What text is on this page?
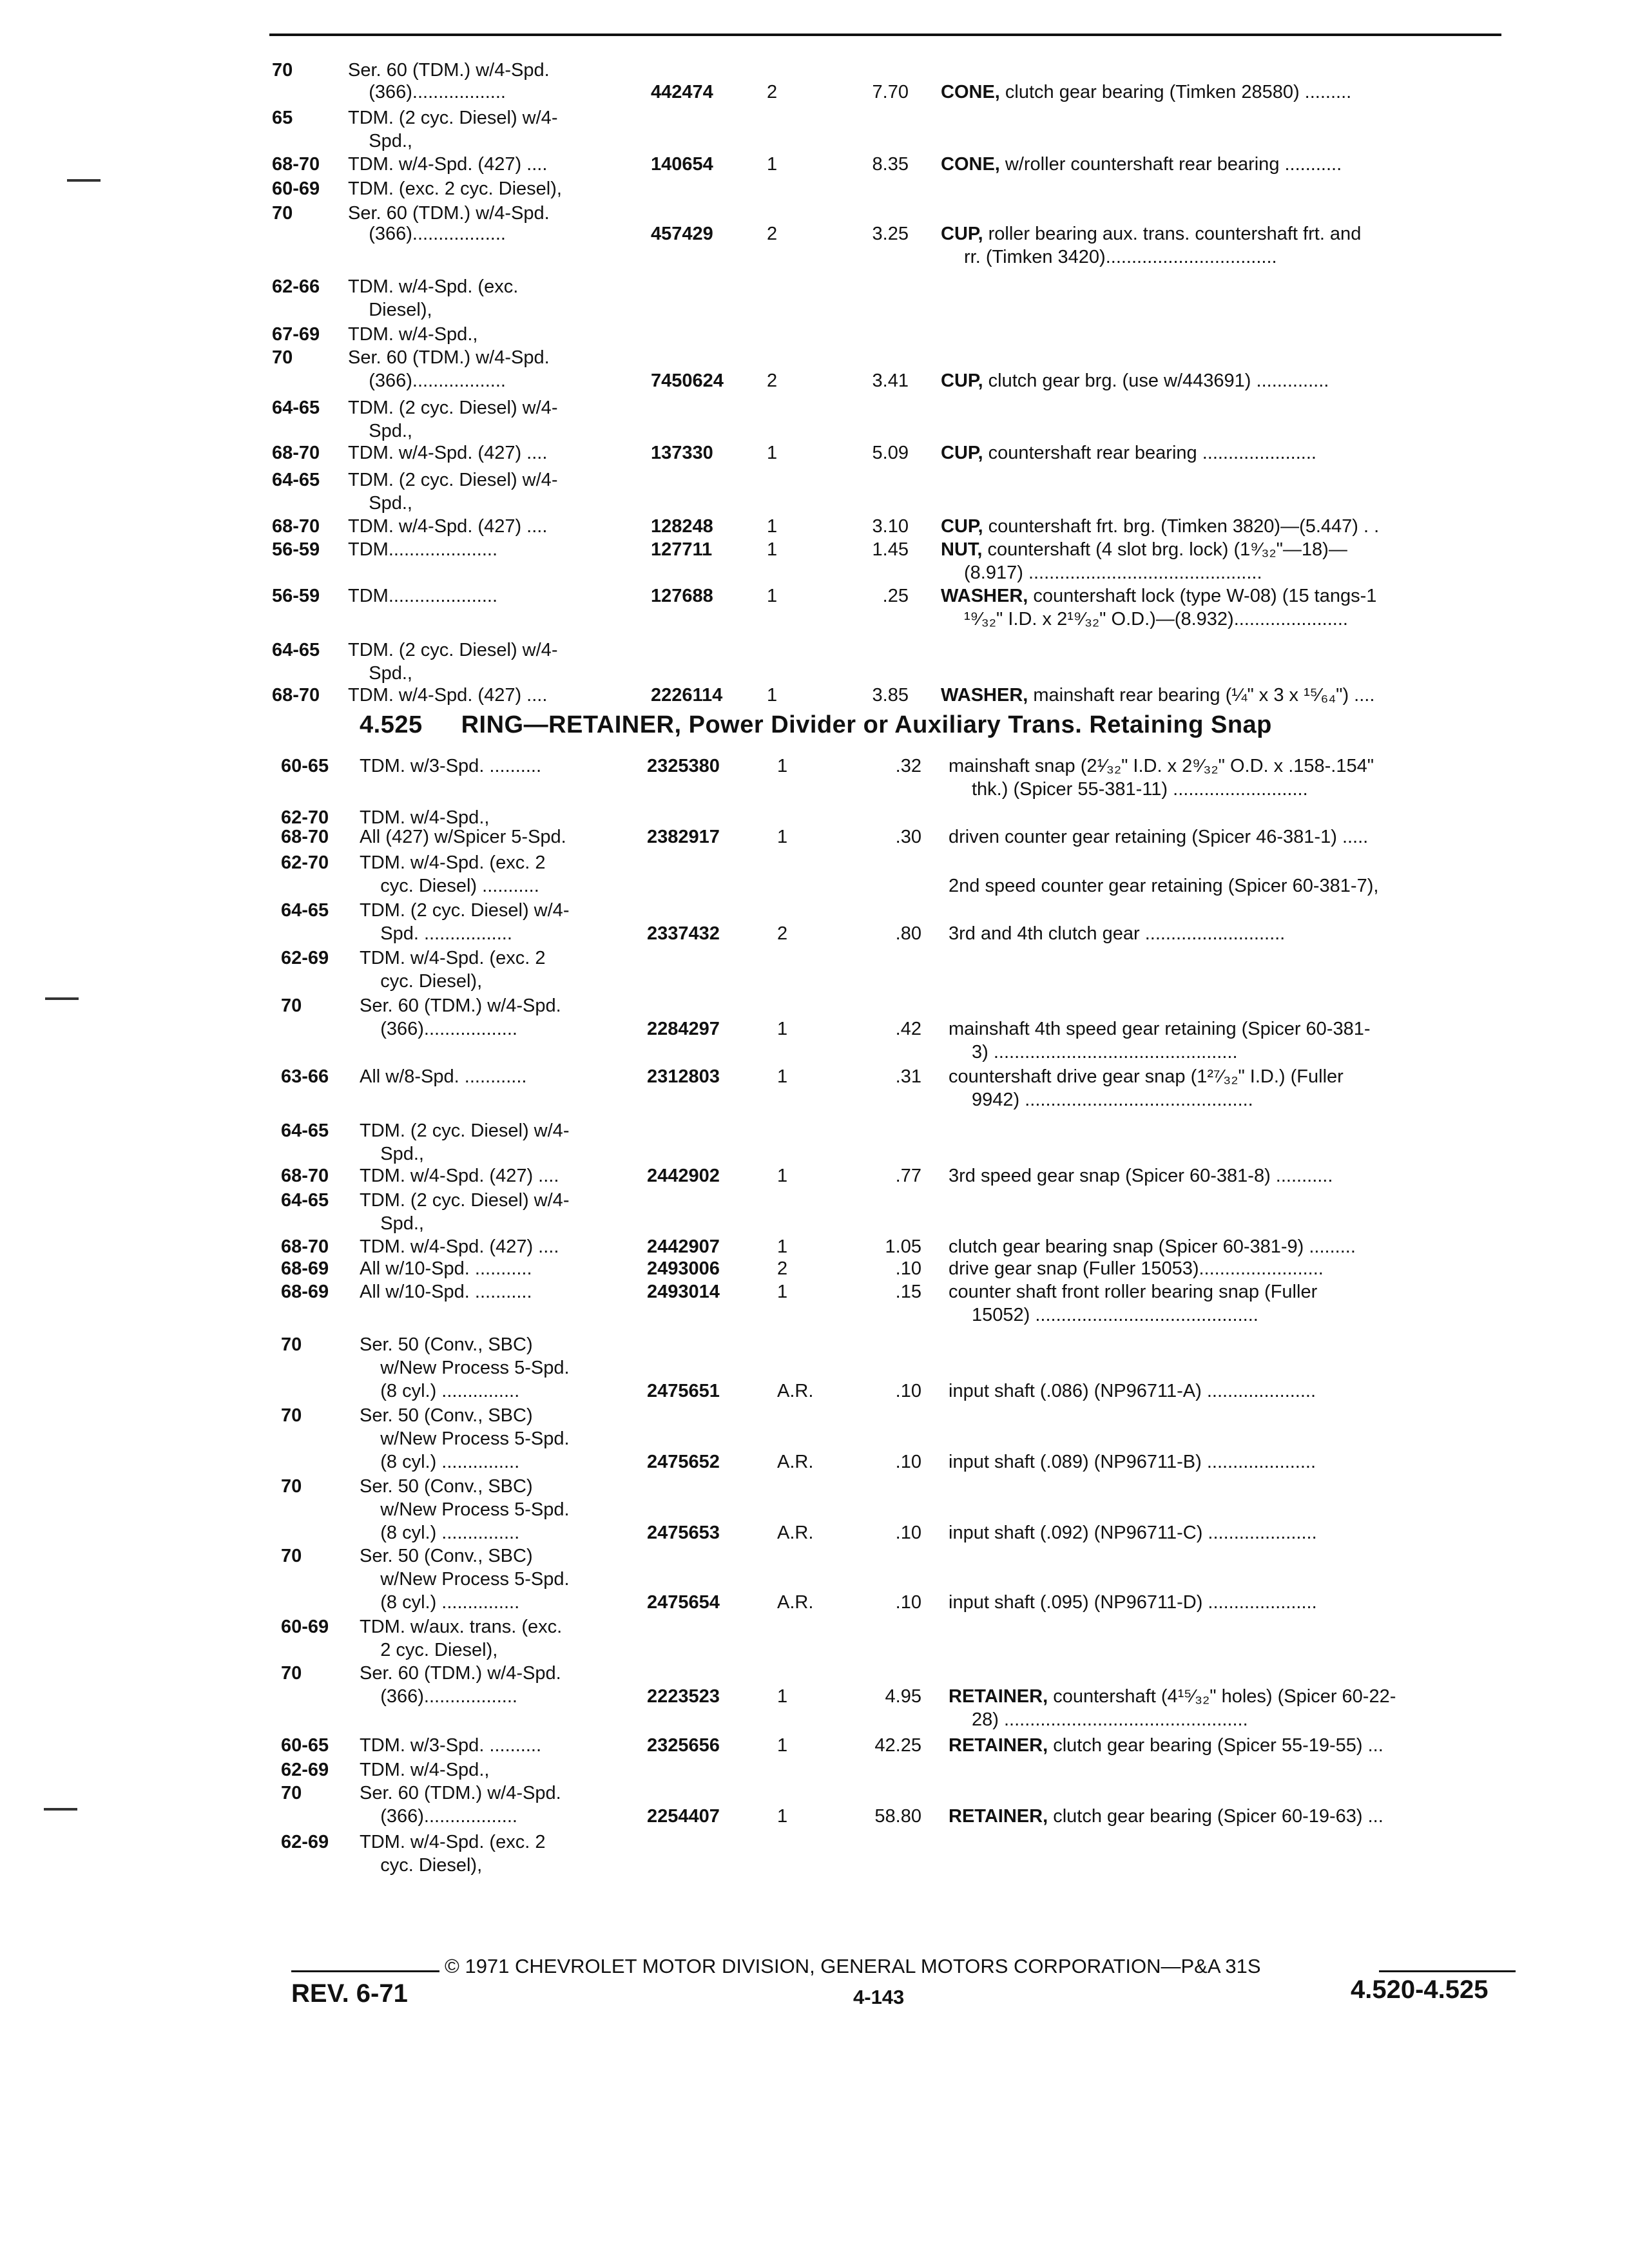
70	Ser. 60 (TDM.) w/4-Spd.
(366)..................	442474	2	7.70 CONE, clutch gear bearing (Timken 28580) .........
65	TDM. (2 cyc. Diesel) w/4-
Spd.,
68-70 TDM. w/4-Spd. (427) ....	140654	1	8.35 CONE, w/roller countershaft rear bearing ...........
60-69 TDM. (exc. 2 cyc. Diesel),
70	Ser. 60 (TDM.) w/4-Spd.
(366)..................	457429	2	3.25 CUP, roller bearing aux. trans. countershaft frt. and
rr. (Timken 3420).................................
62-66 TDM. w/4-Spd. (exc.
Diesel),
67-69 TDM. w/4-Spd.,
70	Ser. 60 (TDM.) w/4-Spd.
(366)..................	7450624 2	3.41 CUP, clutch gear brg. (use w/443691) ..............
64-65 TDM. (2 cyc. Diesel) w/4-
Spd.,
68-70 TDM. w/4-Spd. (427) ....	137330	1	5.09 CUP, countershaft rear bearing ......................
64-65 TDM. (2 cyc. Diesel) w/4-
Spd.,
68-70 TDM. w/4-Spd. (427) ....	128248	1	3.10 CUP, countershaft frt. brg. (Timken 3820)—(5.447) . .
56-59 TDM.....................	127711	1	1.45 NUT, countershaft (4 slot brg. lock) (1⁹⁄₃₂"—18)—
(8.917) .............................................
56-59 TDM.....................	127688	1	.25 WASHER, countershaft lock (type W-08) (15 tangs-1
¹⁹⁄₃₂" I.D. x 2¹⁹⁄₃₂" O.D.)—(8.932)......................
64-65 TDM. (2 cyc. Diesel) w/4-
Spd.,
68-70 TDM. w/4-Spd. (427) ....	2226114 1	3.85 WASHER, mainshaft rear bearing (¼" x 3 x ¹⁵⁄₆₄") ....
4.525 RING—RETAINER, Power Divider or Auxiliary Trans. Retaining Snap
60-65 TDM. w/3-Spd. ..........	2325380	1	.32 mainshaft snap (2¹⁄₃₂" I.D. x 2⁹⁄₃₂" O.D. x .158-.154"
thk.) (Spicer 55-381-11) ..........................
62-70 TDM. w/4-Spd.,
68-70 All (427) w/Spicer 5-Spd.	2382917	1	.30 driven counter gear retaining (Spicer 46-381-1) .....
62-70 TDM. w/4-Spd. (exc. 2
cyc. Diesel) ...........	2nd speed counter gear retaining (Spicer 60-381-7),
64-65 TDM. (2 cyc. Diesel) w/4-
Spd. .................	2337432	2	.80 3rd and 4th clutch gear ...........................
62-69 TDM. w/4-Spd. (exc. 2
cyc. Diesel),
70	Ser. 60 (TDM.) w/4-Spd.
(366)..................	2284297	1	.42 mainshaft 4th speed gear retaining (Spicer 60-381-
3) ...............................................
63-66 All w/8-Spd. ............	2312803	1	.31 countershaft drive gear snap (1²⁷⁄₃₂" I.D.) (Fuller
9942) ............................................
64-65 TDM. (2 cyc. Diesel) w/4-
Spd.,
68-70 TDM. w/4-Spd. (427) ....	2442902	1	.77 3rd speed gear snap (Spicer 60-381-8) ...........
64-65 TDM. (2 cyc. Diesel) w/4-
Spd.,
68-70 TDM. w/4-Spd. (427) ....	2442907	1	1.05 clutch gear bearing snap (Spicer 60-381-9) .........
68-69 All w/10-Spd. ...........	2493006	2	.10 drive gear snap (Fuller 15053)........................
68-69 All w/10-Spd. ...........	2493014	1	.15 counter shaft front roller bearing snap (Fuller
15052) ...........................................
70	Ser. 50 (Conv., SBC)
w/New Process 5-Spd.
(8 cyl.) ...............	2475651	A.R.	.10 input shaft (.086) (NP96711-A) .....................
70	Ser. 50 (Conv., SBC)
w/New Process 5-Spd.
(8 cyl.) ...............	2475652	A.R.	.10 input shaft (.089) (NP96711-B) .....................
70	Ser. 50 (Conv., SBC)
w/New Process 5-Spd.
(8 cyl.) ...............	2475653	A.R.	.10 input shaft (.092) (NP96711-C) .....................
70	Ser. 50 (Conv., SBC)
w/New Process 5-Spd.
(8 cyl.) ...............	2475654	A.R.	.10 input shaft (.095) (NP96711-D) .....................
60-69 TDM. w/aux. trans. (exc.
2 cyc. Diesel),
70	Ser. 60 (TDM.) w/4-Spd.
(366)..................	2223523	1	4.95 RETAINER, countershaft (4¹⁵⁄₃₂" holes) (Spicer 60-22-
28) ...............................................
60-65 TDM. w/3-Spd. ..........	2325656	1	42.25 RETAINER, clutch gear bearing (Spicer 55-19-55) ...
62-69 TDM. w/4-Spd.,
70	Ser. 60 (TDM.) w/4-Spd.
(366)..................	2254407	1	58.80 RETAINER, clutch gear bearing (Spicer 60-19-63) ...
62-69 TDM. w/4-Spd. (exc. 2
cyc. Diesel),
© 1971 CHEVROLET MOTOR DIVISION, GENERAL MOTORS CORPORATION—P&A 31S
REV. 6-71	4-143	4.520-4.525
